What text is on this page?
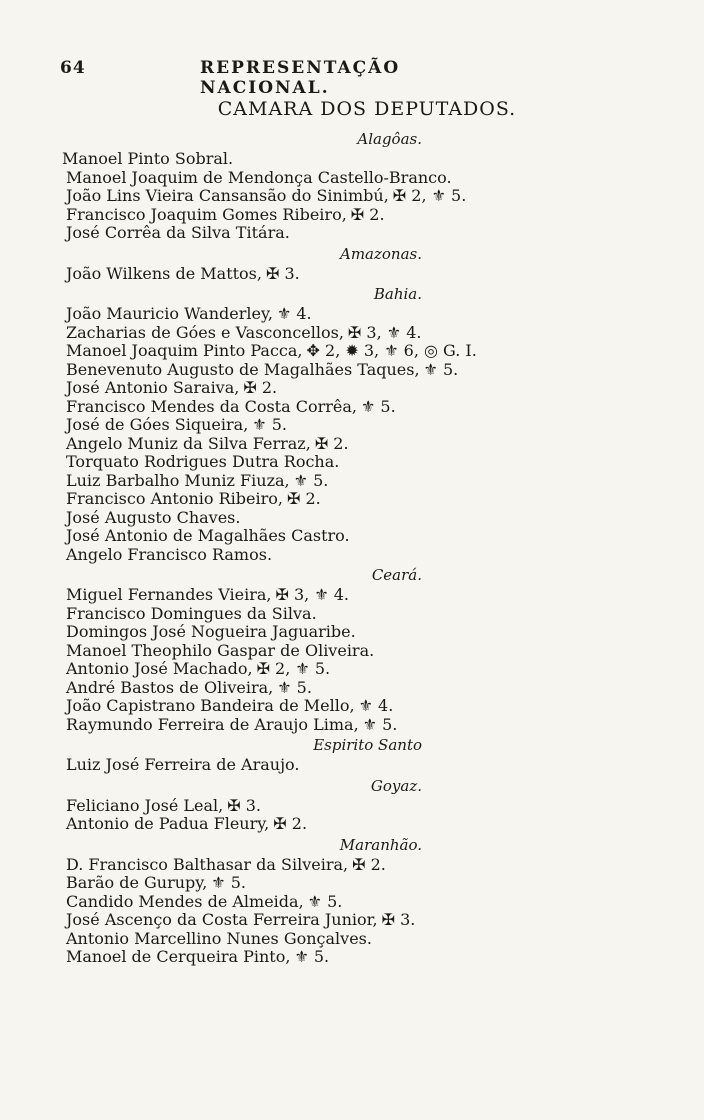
64	REPRESENTAÇÃO NACIONAL.
CAMARA DOS DEPUTADOS.
Alagôas.
Manoel Pinto Sobral.
Manoel Joaquim de Mendonça Castello-Branco.
João Lins Vieira Cansansão do Sinimbú, ✠ 2, ⚜ 5.
Francisco Joaquim Gomes Ribeiro, ✠ 2.
José Corrêa da Silva Titára.
Amazonas.
João Wilkens de Mattos, ✠ 3.
Bahia.
João Mauricio Wanderley, ⚜ 4.
Zacharias de Góes e Vasconcellos, ✠ 3, ⚜ 4.
Manoel Joaquim Pinto Pacca, ✥ 2, ✹ 3, ⚜ 6, ◎ G. I.
Benevenuto Augusto de Magalhães Taques, ⚜ 5.
José Antonio Saraiva, ✠ 2.
Francisco Mendes da Costa Corrêa, ⚜ 5.
José de Góes Siqueira, ⚜ 5.
Angelo Muniz da Silva Ferraz, ✠ 2.
Torquato Rodrigues Dutra Rocha.
Luiz Barbalho Muniz Fiuza, ⚜ 5.
Francisco Antonio Ribeiro, ✠ 2.
José Augusto Chaves.
José Antonio de Magalhães Castro.
Angelo Francisco Ramos.
Ceará.
Miguel Fernandes Vieira, ✠ 3, ⚜ 4.
Francisco Domingues da Silva.
Domingos José Nogueira Jaguaribe.
Manoel Theophilo Gaspar de Oliveira.
Antonio José Machado, ✠ 2, ⚜ 5.
André Bastos de Oliveira, ⚜ 5.
João Capistrano Bandeira de Mello, ⚜ 4.
Raymundo Ferreira de Araujo Lima, ⚜ 5.
Espirito Santo
Luiz José Ferreira de Araujo.
Goyaz.
Feliciano José Leal, ✠ 3.
Antonio de Padua Fleury, ✠ 2.
Maranhão.
D. Francisco Balthasar da Silveira, ✠ 2.
Barão de Gurupy, ⚜ 5.
Candido Mendes de Almeida, ⚜ 5.
José Ascenço da Costa Ferreira Junior, ✠ 3.
Antonio Marcellino Nunes Gonçalves.
Manoel de Cerqueira Pinto, ⚜ 5.
